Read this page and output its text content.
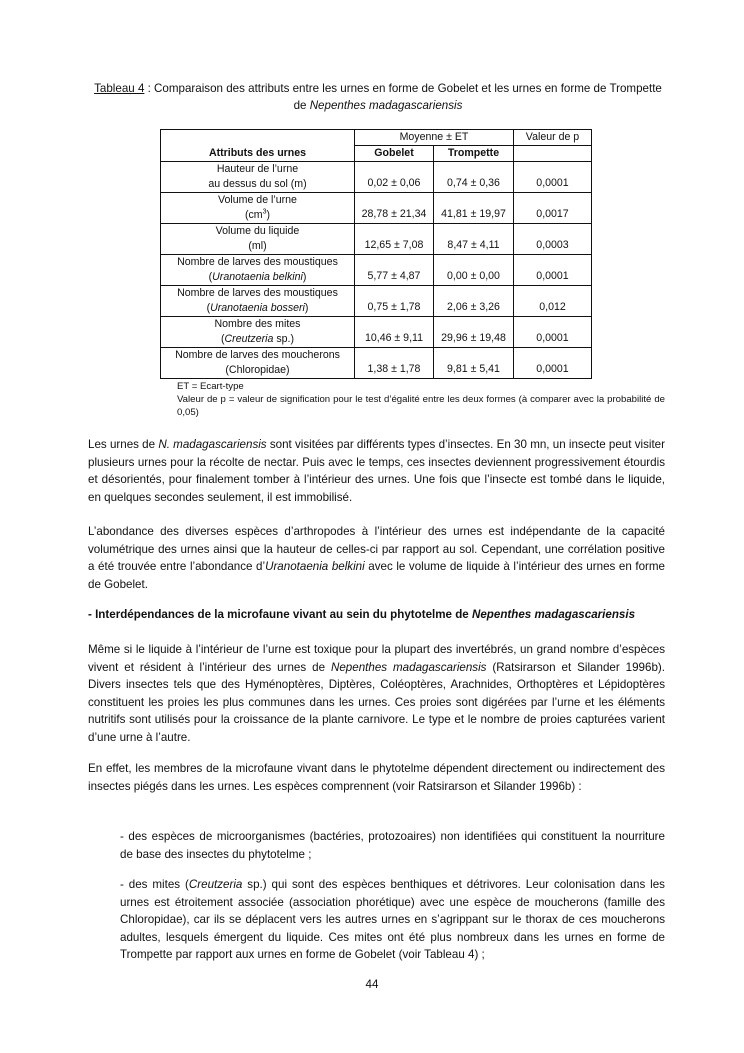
Tableau 4 : Comparaison des attributs entre les urnes en forme de Gobelet et les urnes en forme de Trompette de Nepenthes madagascariensis
Attributs des urnes	Moyenne ± ET		Valeur de p
	Gobelet	Trompette	
Hauteur de l’urne
au dessus du sol (m)	0,02 ± 0,06	0,74 ± 0,36	0,0001
Volume de l’urne
$(cm^3)$	28,78 ± 21,34	41,81 ± 19,97	0,0017
Volume du liquide
(ml)	12,65 ± 7,08	8,47 ± 4,11	0,0003
Nombre de larves des moustiques
(Uranotaenia belkini)	5,77 ± 4,87	0,00 ± 0,00	0,0001
Nombre de larves des moustiques
(Uranotaenia bosseri)	0,75 ± 1,78	2,06 ± 3,26	0,012
Nombre des mites
(Creutzeria sp.)	10,46 ± 9,11	29,96 ± 19,48	0,0001
Nombre de larves des moucherons
(Chloropidae)	1,38 ± 1,78	9,81 ± 5,41	0,0001

ET = Ecart-type

Valeur de p = valeur de signification pour le test d’égalité entre les deux formes (à comparer avec la probabilité de 0,05)

Les urnes de N. madagascariensis sont visitées par différents types d’insectes. En 30 mn, un insecte peut visiter plusieurs urnes pour la récolte de nectar. Puis avec le temps, ces insectes deviennent progressivement étourdis et désorientés, pour finalement tomber à l’intérieur des urnes. Une fois que l’insecte est tombé dans le liquide, en quelques secondes seulement, il est immobilisé.

L’abondance des diverses espèces d’arthropodes à l’intérieur des urnes est indépendante de la capacité volumétrique des urnes ainsi que la hauteur de celles-ci par rapport au sol. Cependant, une corrélation positive a été trouvée entre l’abondance d’Uranotaenia belkini avec le volume de liquide à l’intérieur des urnes en forme de Gobelet.

- Interdépendances de la microfaune vivant au sein du phytotelme de Nepenthes madagascariensis

Même si le liquide à l’intérieur de l’urne est toxique pour la plupart des invertébrés, un grand nombre d’espèces vivent et résident à l’intérieur des urnes de Nepenthes madagascariensis (Ratsirarson et Silander 1996b). Divers insectes tels que des Hyménoptères, Diptères, Coléoptères, Arachnides, Orthoptères et Lépidoptères constituent les proies les plus communes dans les urnes. Ces proies sont digérées par l’urne et les éléments nutritifs sont utilisés pour la croissance de la plante carnivore. Le type et le nombre de proies capturées varient d’une urne à l’autre.

En effet, les membres de la microfaune vivant dans le phytotelme dépendent directement ou indirectement des insectes piégés dans les urnes. Les espèces comprennent (voir Ratsirarson et Silander 1996b) :

- des espèces de microorganismes (bactéries, protozoaires) non identifiées qui constituent la nourriture de base des insectes du phytotelme ;

- des mites (Creutzeria sp.) qui sont des espèces benthiques et détrivores. Leur colonisation dans les urnes est étroitement associée (association phorétique) avec une espèce de moucherons (famille des Chloropidae), car ils se déplacent vers les autres urnes en s’agrippant sur le thorax de ces moucherons adultes, lesquels émergent du liquide. Ces mites ont été plus nombreux dans les urnes en forme de Trompette par rapport aux urnes en forme de Gobelet (voir Tableau 4) ;

44
